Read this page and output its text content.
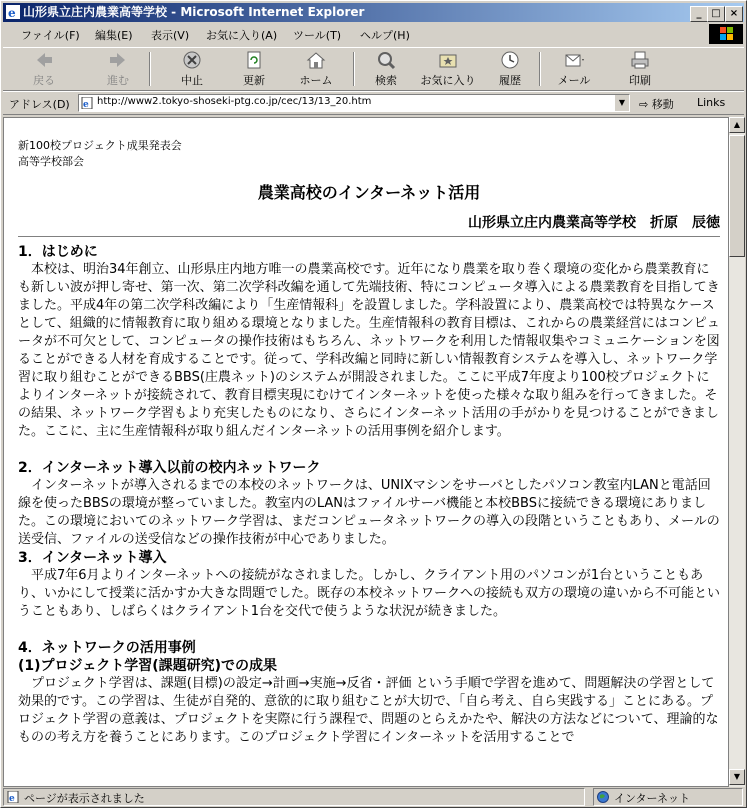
e 山形県立庄内農業高等学校 - Microsoft Internet Explorer	_ □ ×
ファイル(F) 編集(E) 表示(V) お気に入り(A) ツール(T) ヘルプ(H)
戻る	進む	中止	更新	ホーム	検索	お気に入り	履歴	メール	印刷
アドレス(D) e http://www2.tokyo-shoseki-ptg.co.jp/cec/13/13_20.htm	▼	⇨ 移動 Links
新100校プロジェクト成果発表会
高等学校部会
農業高校のインターネット活用
山形県立庄内農業高等学校　折原　辰徳
1．はじめに

本校は、明治34年創立、山形県庄内地方唯一の農業高校です。近年になり農業を取り巻く環境の変化から農業教育にも新しい波が押し寄せ、第一次、第二次学科改編を通して先端技術、特にコンピュータ導入による農業教育を目指してきました。平成4年の第二次学科改編により「生産情報科」を設置しました。学科設置により、農業高校では特異なケースとして、組織的に情報教育に取り組める環境となりました。生産情報科の教育目標は、これからの農業経営にはコンピュータが不可欠として、コンピュータの操作技術はもちろん、ネットワークを利用した情報収集やコミュニケーションを図ることができる人材を育成することです。従って、学科改編と同時に新しい情報教育システムを導入し、ネットワーク学習に取り組むことができるBBS(庄農ネット)のシステムが開設されました。ここに平成7年度より100校プロジェクトによりインターネットが接続されて、教育目標実現にむけてインターネットを使った様々な取り組みを行ってきました。その結果、ネットワーク学習もより充実したものになり、さらにインターネット活用の手がかりを見つけることができました。ここに、主に生産情報科が取り組んだインターネットの活用事例を紹介します。

2．インターネット導入以前の校内ネットワーク

インターネットが導入されるまでの本校のネットワークは、UNIXマシンをサーバとしたパソコン教室内LANと電話回線を使ったBBSの環境が整っていました。教室内のLANはファイルサーバ機能と本校BBSに接続できる環境にありました。この環境においてのネットワーク学習は、まだコンピュータネットワークの導入の段階ということもあり、メールの送受信、ファイルの送受信などの操作技術が中心でありました。

3．インターネット導入

平成7年6月よりインターネットへの接続がなされました。しかし、クライアント用のパソコンが1台ということもあり、いかにして授業に活かすか大きな問題でした。既存の本校ネットワークへの接続も双方の環境の違いから不可能ということもあり、しばらくはクライアント1台を交代で使うような状況が続きました。

4．ネットワークの活用事例
(1)プロジェクト学習(課題研究)での成果

プロジェクト学習は、課題(目標)の設定→計画→実施→反省・評価 という手順で学習を進めて、問題解決の学習として効果的です。この学習は、生徒が自発的、意欲的に取り組むことが大切で、「自ら考え、自ら実践する」ことにある。プロジェクト学習の意義は、プロジェクトを実際に行う課程で、問題のとらえかたや、解決の方法などについて、理論的なものの考え方を養うことにあります。このプロジェクト学習にインターネットを活用することで

▲
▼
e ページが表示されました	インターネット
